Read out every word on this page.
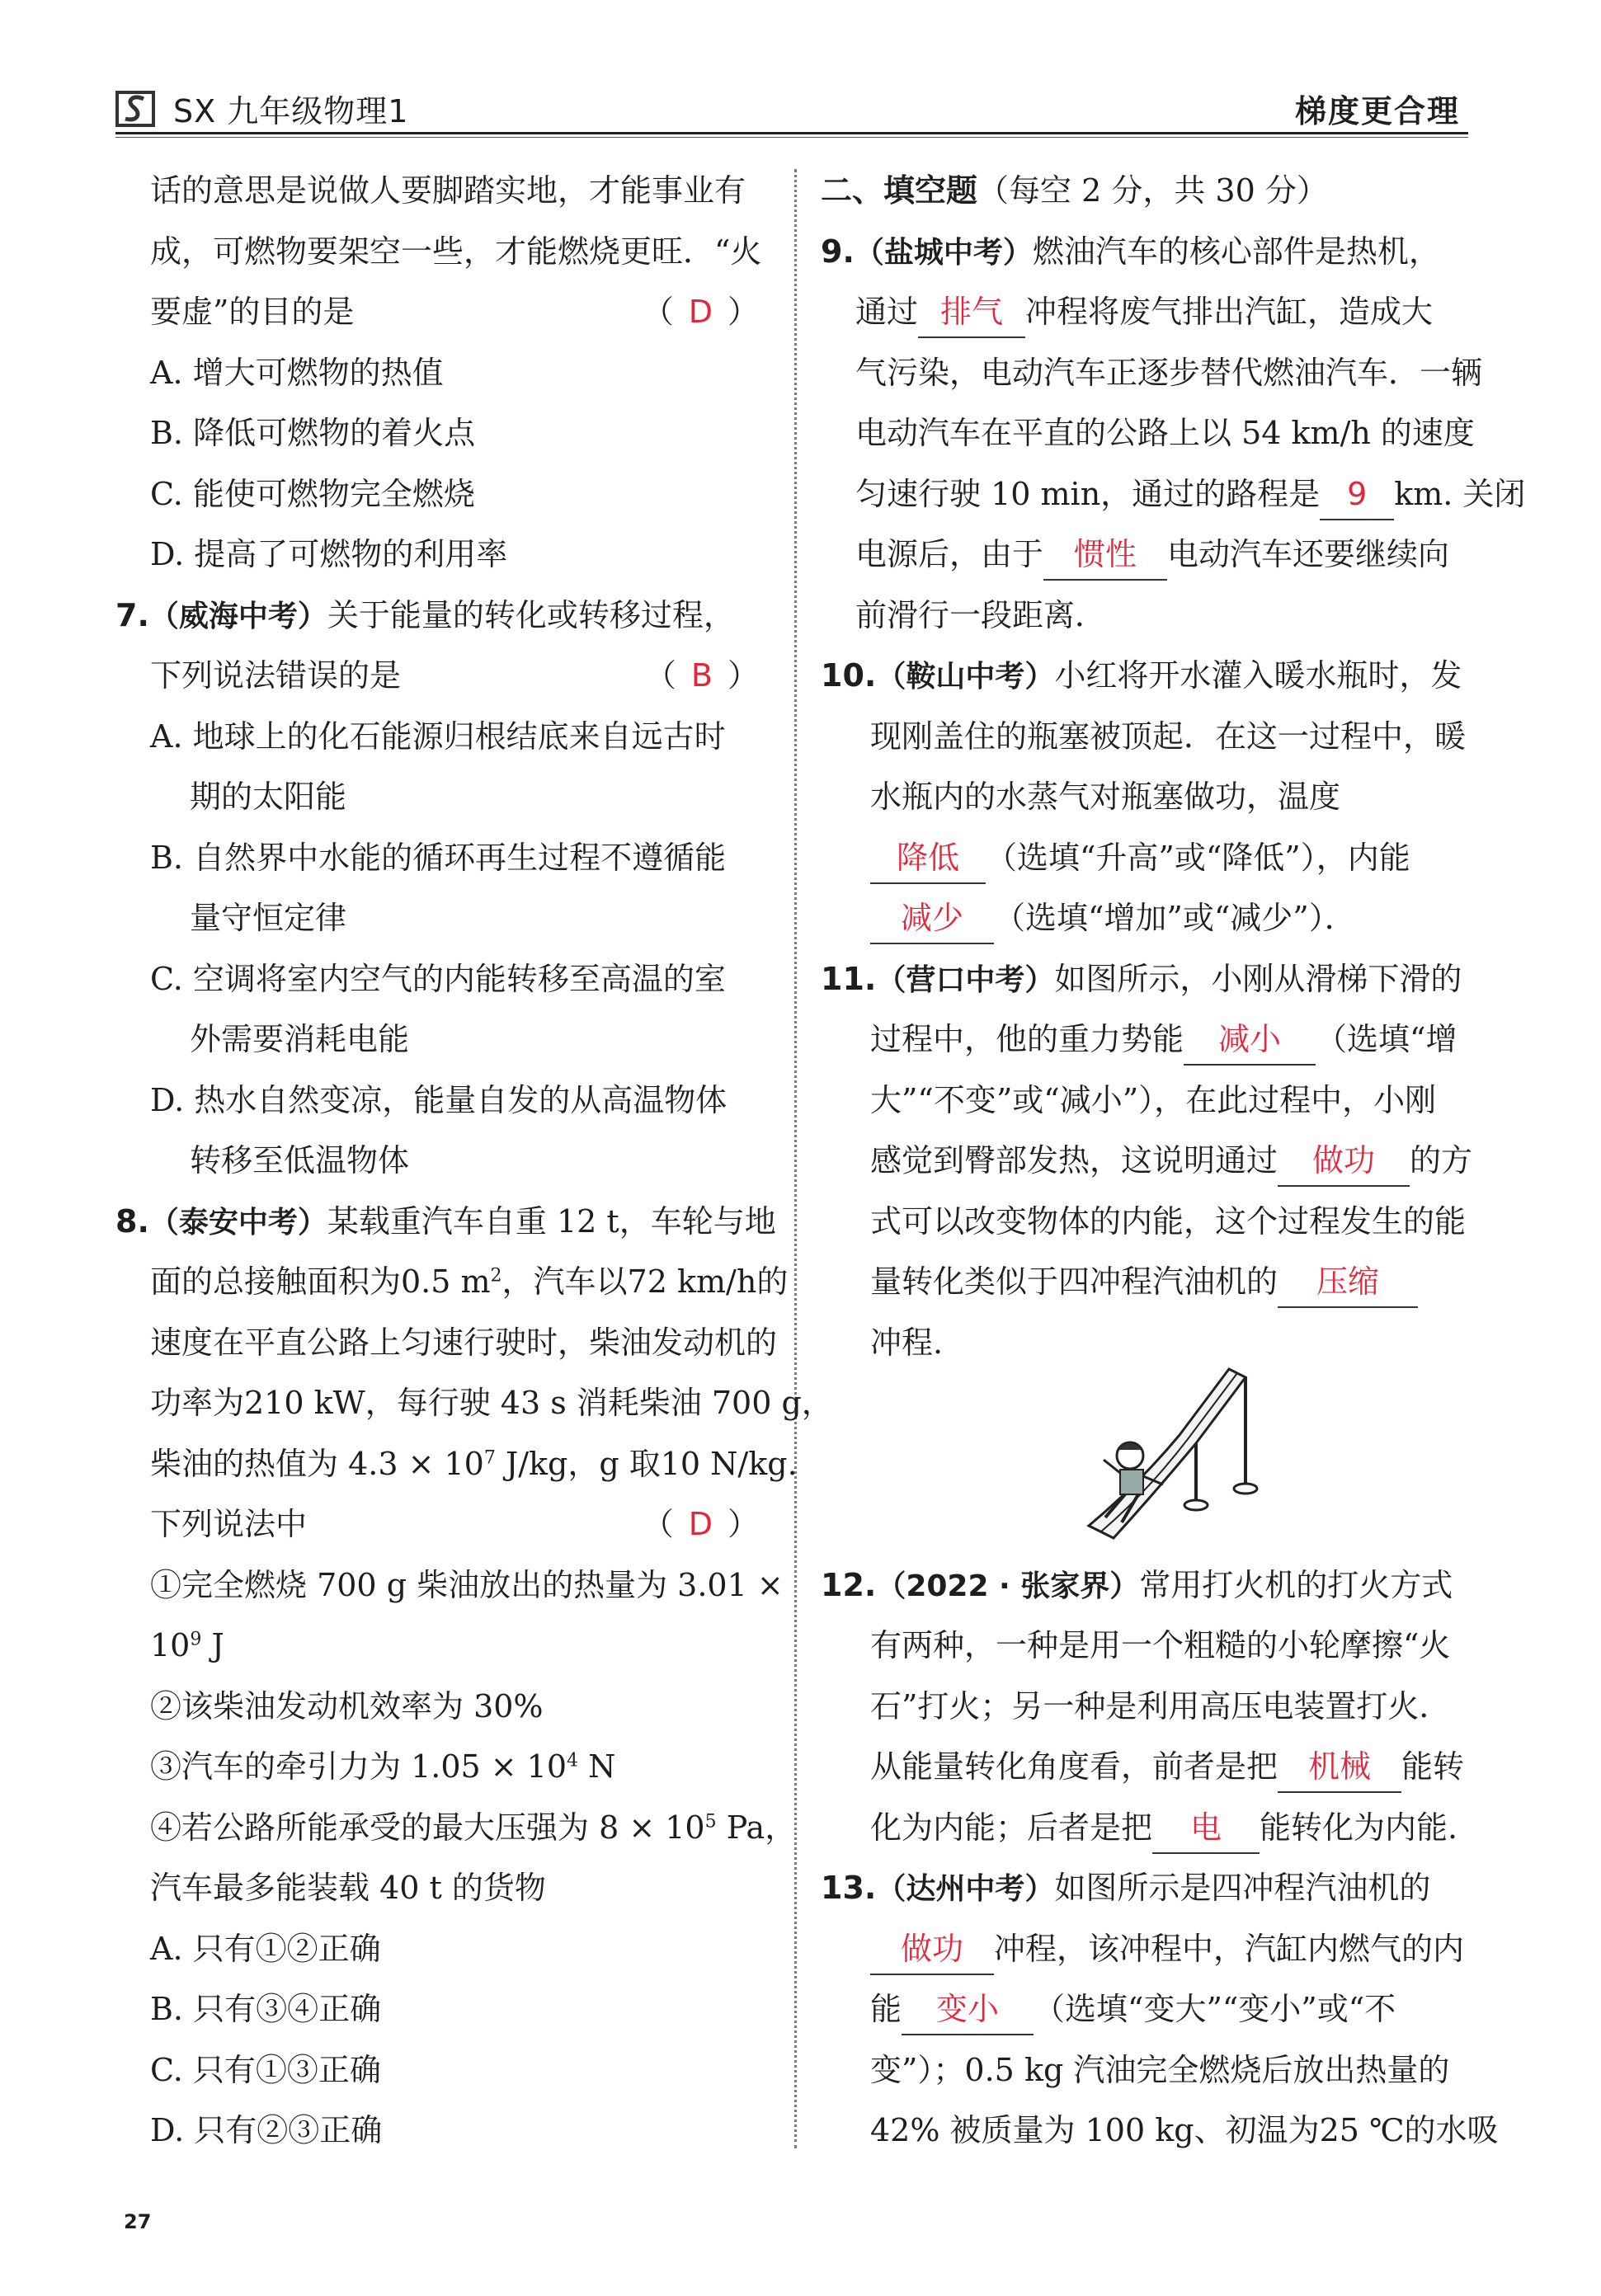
SX 九年级物理1	梯度更合理
话的意思是说做人要脚踏实地，才能事业有
成，可燃物要架空一些，才能燃烧更旺．“火
要虚”的目的是	（ D ）
A. 增大可燃物的热值
B. 降低可燃物的着火点
C. 能使可燃物完全燃烧
D. 提高了可燃物的利用率
7.（威海中考）关于能量的转化或转移过程，
下列说法错误的是	（ B ）
A. 地球上的化石能源归根结底来自远古时
期的太阳能
B. 自然界中水能的循环再生过程不遵循能
量守恒定律
C. 空调将室内空气的内能转移至高温的室
外需要消耗电能
D. 热水自然变凉，能量自发的从高温物体
转移至低温物体
8.（泰安中考）某载重汽车自重 12 t，车轮与地
面的总接触面积为0.5 $m^2$，汽车以72 km/h的
速度在平直公路上匀速行驶时，柴油发动机的
功率为210 kW，每行驶 43 s 消耗柴油 700 g，
柴油的热值为 $4.3 \times 10^7$ J/kg，g 取10 N/kg.
下列说法中	（ D ）
①完全燃烧 700 g 柴油放出的热量为 3.01 ×
$10^9$ J
②该柴油发动机效率为 30%
③汽车的牵引力为 $1.05 \times 10^4$ N
④若公路所能承受的最大压强为 $8 \times 10^5$ Pa，
汽车最多能装载 40 t 的货物
A. 只有①②正确
B. 只有③④正确
C. 只有①③正确
D. 只有②③正确
二、填空题（每空 2 分，共 30 分）
9.（盐城中考）燃油汽车的核心部件是热机，
通过 排气 冲程将废气排出汽缸，造成大
气污染，电动汽车正逐步替代燃油汽车．一辆
电动汽车在平直的公路上以 54 km/h 的速度
匀速行驶 10 min，通过的路程是 9 km. 关闭
电源后，由于 惯性 电动汽车还要继续向
前滑行一段距离．
10.（鞍山中考）小红将开水灌入暖水瓶时，发
现刚盖住的瓶塞被顶起．在这一过程中，暖
水瓶内的水蒸气对瓶塞做功，温度
降低 （选填“升高”或“降低”），内能
减少 （选填“增加”或“减少”）．
11.（营口中考）如图所示，小刚从滑梯下滑的
过程中，他的重力势能 减小 （选填“增
大”“不变”或“减小”），在此过程中，小刚
感觉到臀部发热，这说明通过 做功 的方
式可以改变物体的内能，这个过程发生的能
量转化类似于四冲程汽油机的 压缩
冲程.
12.（2022 · 张家界）常用打火机的打火方式
有两种，一种是用一个粗糙的小轮摩擦“火
石”打火；另一种是利用高压电装置打火．
从能量转化角度看，前者是把 机械 能转
化为内能；后者是把 电 能转化为内能.
13.（达州中考）如图所示是四冲程汽油机的
做功 冲程，该冲程中，汽缸内燃气的内
能 变小 （选填“变大”“变小”或“不
变”）；0.5 kg 汽油完全燃烧后放出热量的
42% 被质量为 100 kg、初温为25 ℃的水吸
27
